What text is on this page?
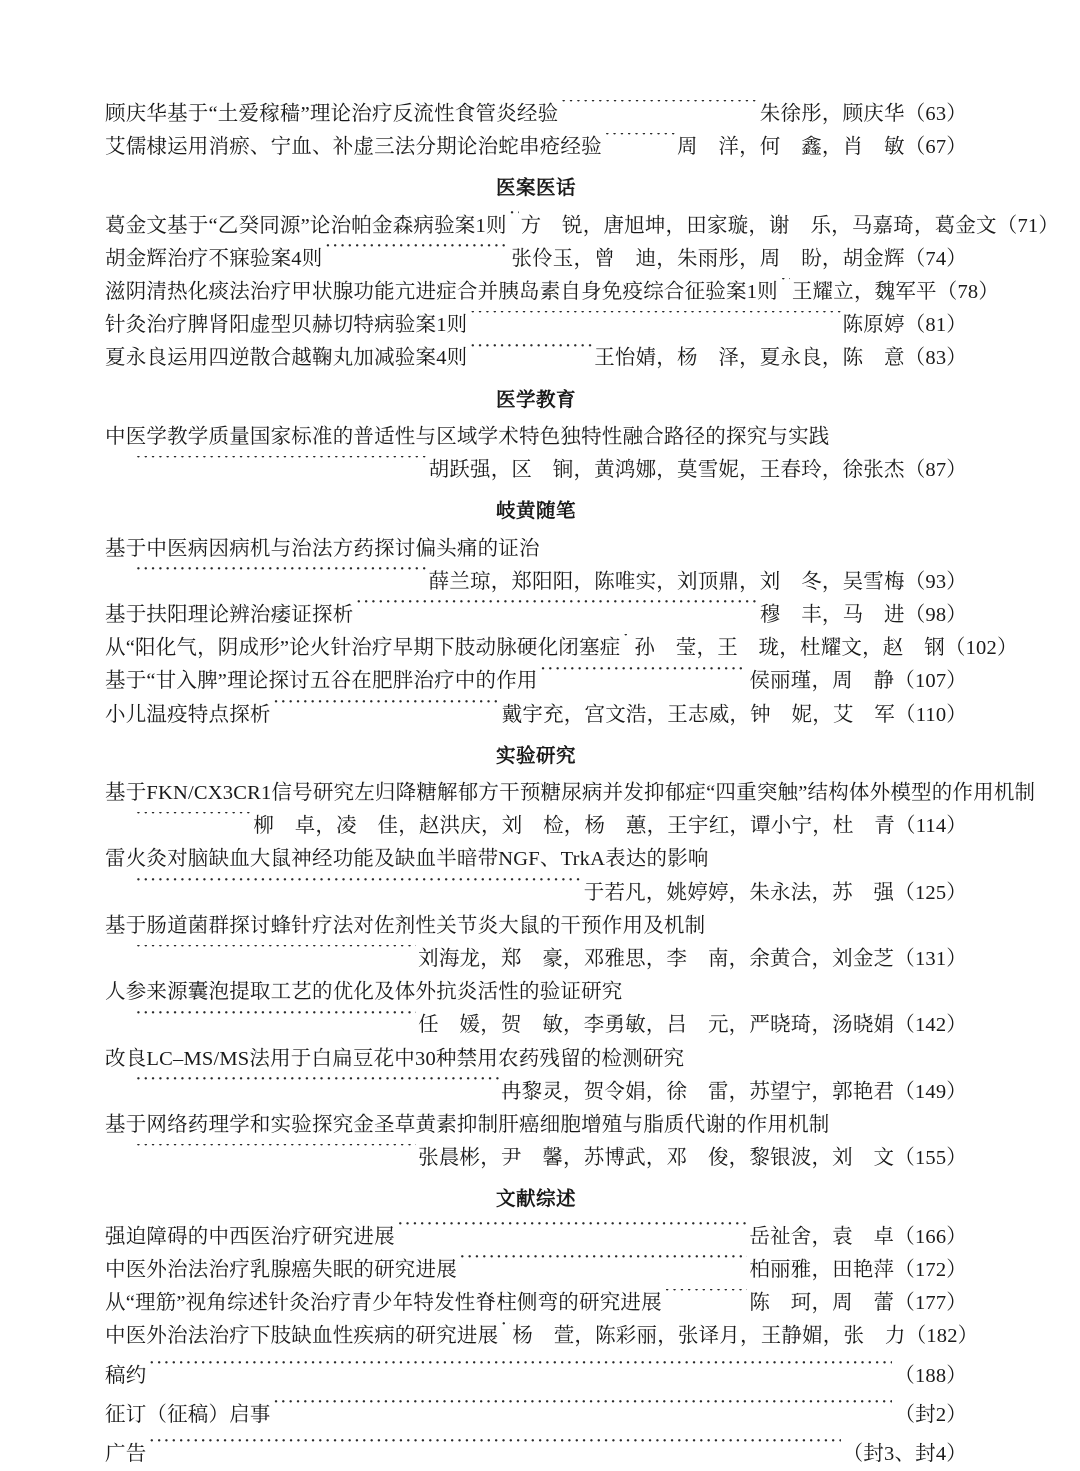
顾庆华基于“土爱稼穑”理论治疗反流性食管炎经验 ·····	朱徐彤，顾庆华（63）
艾儒棣运用消瘀、宁血、补虚三法分期论治蛇串疮经验 ·····	周　洋，何　鑫，肖　敏（67）
医案医话
葛金文基于“乙癸同源”论治帕金森病验案1则 ····· 方　锐，唐旭坤，田家璇，谢　乐，马嘉琦，葛金文（71）
胡金辉治疗不寐验案4则 ·····	张伶玉，曾　迪，朱雨彤，周　盼，胡金辉（74）
滋阴清热化痰法治疗甲状腺功能亢进症合并胰岛素自身免疫综合征验案1则 ····· 王耀立，魏军平（78）
针灸治疗脾肾阳虚型贝赫切特病验案1则 ·····	陈原婷（81）
夏永良运用四逆散合越鞠丸加减验案4则 ·····	王怡婧，杨　泽，夏永良，陈　意（83）
医学教育
中医学教学质量国家标准的普适性与区域学术特色独特性融合路径的探究与实践
·····
胡跃强，区　锏，黄鸿娜，莫雪妮，王春玲，徐张杰（87）
岐黄随笔
基于中医病因病机与治法方药探讨偏头痛的证治
·····
薛兰琼，郑阳阳，陈唯实，刘顶鼎，刘　冬，吴雪梅（93）
基于扶阳理论辨治痿证探析 ·····	穆　丰，马　进（98）
从“阳化气，阴成形”论火针治疗早期下肢动脉硬化闭塞症 ····· 孙　莹，王　珑，杜耀文，赵　钢（102）
基于“甘入脾”理论探讨五谷在肥胖治疗中的作用 ·····	侯丽瑾，周　静（107）
小儿温疫特点探析 ·····	戴宇充，宫文浩，王志威，钟　妮，艾　军（110）
实验研究
基于FKN/CX3CR1信号研究左归降糖解郁方干预糖尿病并发抑郁症“四重突触”结构体外模型的作用机制
·····
柳　卓，凌　佳，赵洪庆，刘　检，杨　蕙，王宇红，谭小宁，杜　青（114）
雷火灸对脑缺血大鼠神经功能及缺血半暗带NGF、TrkA表达的影响
·····
于若凡，姚婷婷，朱永法，苏　强（125）
基于肠道菌群探讨蜂针疗法对佐剂性关节炎大鼠的干预作用及机制
·····
刘海龙，郑　豪，邓雅思，李　南，余黄合，刘金芝（131）
人参来源囊泡提取工艺的优化及体外抗炎活性的验证研究
·····
任　媛，贺　敏，李勇敏，吕　元，严晓琦，汤晓娟（142）
改良LC–MS/MS法用于白扁豆花中30种禁用农药残留的检测研究
·····
冉黎灵，贺令娟，徐　雷，苏望宁，郭艳君（149）
基于网络药理学和实验探究金圣草黄素抑制肝癌细胞增殖与脂质代谢的作用机制
·····
张晨彬，尹　馨，苏博武，邓　俊，黎银波，刘　文（155）
文献综述
强迫障碍的中西医治疗研究进展 ·····	岳祉舍，袁　卓（166）
中医外治法治疗乳腺癌失眠的研究进展 ·····	柏丽雅，田艳萍（172）
从“理筋”视角综述针灸治疗青少年特发性脊柱侧弯的研究进展 ·····	陈　珂，周　蕾（177）
中医外治法治疗下肢缺血性疾病的研究进展 ····· 杨　萱，陈彩丽，张译月，王静媚，张　力（182）
稿约 ·····	（188）
征订（征稿）启事 ·····	（封2）
广告 ·····	（封3、封4）
